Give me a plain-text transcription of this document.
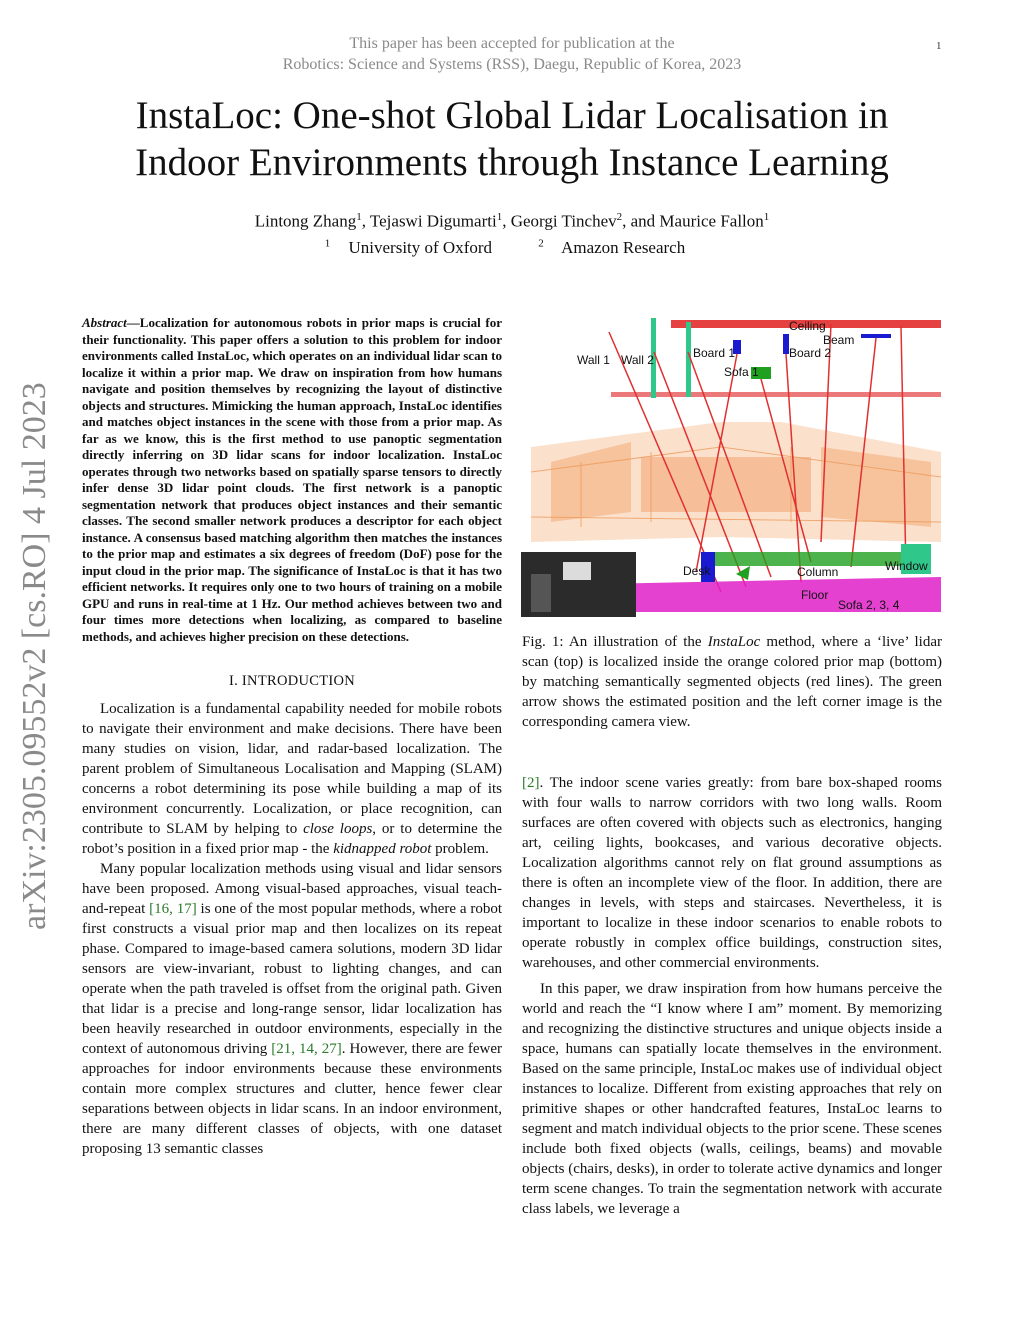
This paper has been accepted for publication at the
Robotics: Science and Systems (RSS), Daegu, Republic of Korea, 2023
1
arXiv:2305.09552v2 [cs.RO] 4 Jul 2023
InstaLoc: One-shot Global Lidar Localisation in
Indoor Environments through Instance Learning
Lintong Zhang$^1$, Tejaswi Digumarti$^1$, Georgi Tinchev$^2$, and Maurice Fallon$^1$
$^1$ University of Oxford	$^2$ Amazon Research

Abstract—Localization for autonomous robots in prior maps is crucial for their functionality. This paper offers a solution to this problem for indoor environments called InstaLoc, which operates on an individual lidar scan to localize it within a prior map. We draw on inspiration from how humans navigate and position themselves by recognizing the layout of distinctive objects and structures. Mimicking the human approach, InstaLoc identifies and matches object instances in the scene with those from a prior map. As far as we know, this is the first method to use panoptic segmentation directly inferring on 3D lidar scans for indoor localization. InstaLoc operates through two networks based on spatially sparse tensors to directly infer dense 3D lidar point clouds. The first network is a panoptic segmentation network that produces object instances and their semantic classes. The second smaller network produces a descriptor for each object instance. A consensus based matching algorithm then matches the instances to the prior map and estimates a six degrees of freedom (DoF) pose for the input cloud in the prior map. The significance of InstaLoc is that it has two efficient networks. It requires only one to two hours of training on a mobile GPU and runs in real-time at 1 Hz. Our method achieves between two and four times more detections when localizing, as compared to baseline methods, and achieves higher precision on these detections.

I. INTRODUCTION

Localization is a fundamental capability needed for mobile robots to navigate their environment and make decisions. There have been many studies on vision, lidar, and radar-based localization. The parent problem of Simultaneous Localisation and Mapping (SLAM) concerns a robot determining its pose while building a map of its environment concurrently. Localization, or place recognition, can contribute to SLAM by helping to close loops, or to determine the robot’s position in a fixed prior map - the kidnapped robot problem.

Many popular localization methods using visual and lidar sensors have been proposed. Among visual-based approaches, visual teach-and-repeat [16, 17] is one of the most popular methods, where a robot first constructs a visual prior map and then localizes on its repeat phase. Compared to image-based camera solutions, modern 3D lidar sensors are view-invariant, robust to lighting changes, and can operate when the path traveled is offset from the original path. Given that lidar is a precise and long-range sensor, lidar localization has been heavily researched in outdoor environments, especially in the context of autonomous driving [21, 14, 27]. However, there are fewer approaches for indoor environments because these environments contain more complex structures and clutter, hence fewer clear separations between objects in lidar scans. In an indoor environment, there are many different classes of objects, with one dataset proposing 13 semantic classes

Ceiling
Beam
Wall 1 Wall 2	Board 1	Board 2
Sofa 1
Desk	Column	Window
Floor
Sofa 2, 3, 4
Fig. 1: An illustration of the InstaLoc method, where a ‘live’ lidar scan (top) is localized inside the orange colored prior map (bottom) by matching semantically segmented objects (red lines). The green arrow shows the estimated position and the left corner image is the corresponding camera view.

[2]. The indoor scene varies greatly: from bare box-shaped rooms with four walls to narrow corridors with two long walls. Room surfaces are often covered with objects such as electronics, hanging art, ceiling lights, bookcases, and various decorative objects. Localization algorithms cannot rely on flat ground assumptions as there is often an incomplete view of the floor. In addition, there are changes in levels, with steps and staircases. Nevertheless, it is important to localize in these indoor scenarios to enable robots to operate robustly in complex office buildings, construction sites, warehouses, and other commercial environments.

In this paper, we draw inspiration from how humans perceive the world and reach the “I know where I am” moment. By memorizing and recognizing the distinctive structures and unique objects inside a space, humans can spatially locate themselves in the environment. Based on the same principle, InstaLoc makes use of individual object instances to localize. Different from existing approaches that rely on primitive shapes or other handcrafted features, InstaLoc learns to segment and match individual objects to the prior scene. These scenes include both fixed objects (walls, ceilings, beams) and movable objects (chairs, desks), in order to tolerate active dynamics and longer term scene changes. To train the segmentation network with accurate class labels, we leverage a
